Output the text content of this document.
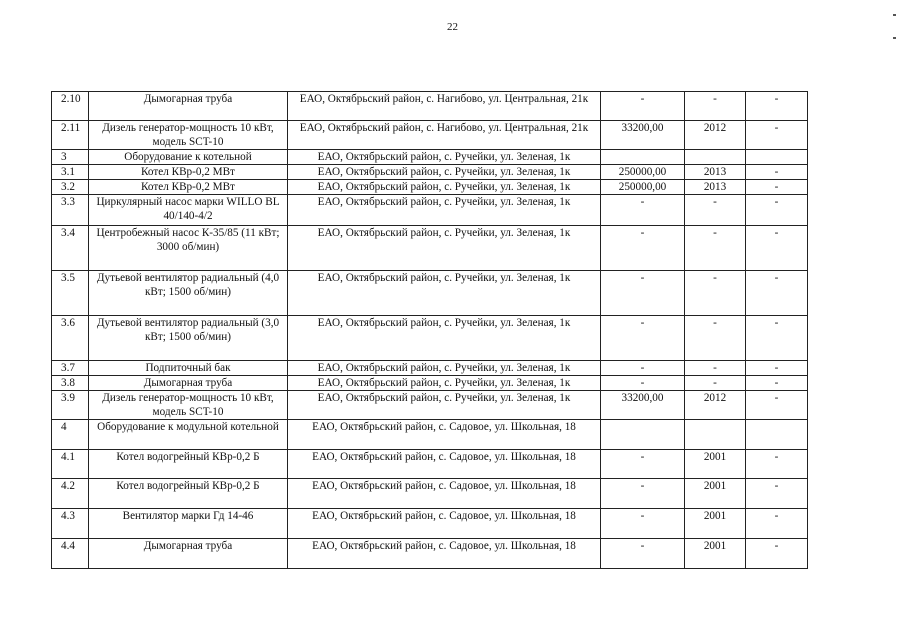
22
2.10	Дымогарная труба	ЕАО, Октябрьский район, с. Нагибово, ул. Центральная, 21к	-	-	-
2.11	Дизель генератор-мощность 10 кВт, модель SCT-10	ЕАО, Октябрьский район, с. Нагибово, ул. Центральная, 21к	33200,00	2012	-
3	Оборудование к котельной	ЕАО, Октябрьский район, с. Ручейки, ул. Зеленая, 1к			
3.1	Котел КВр-0,2 МВт	ЕАО, Октябрьский район, с. Ручейки, ул. Зеленая, 1к	250000,00	2013	-
3.2	Котел КВр-0,2 МВт	ЕАО, Октябрьский район, с. Ручейки, ул. Зеленая, 1к	250000,00	2013	-
3.3	Циркулярный насос марки WILLO BL 40/140-4/2	ЕАО, Октябрьский район, с. Ручейки, ул. Зеленая, 1к	-	-	-
3.4	Центробежный насос К-35/85 (11 кВт; 3000 об/мин)	ЕАО, Октябрьский район, с. Ручейки, ул. Зеленая, 1к	-	-	-
3.5	Дутьевой вентилятор радиальный (4,0 кВт; 1500 об/мин)	ЕАО, Октябрьский район, с. Ручейки, ул. Зеленая, 1к	-	-	-
3.6	Дутьевой вентилятор радиальный (3,0 кВт; 1500 об/мин)	ЕАО, Октябрьский район, с. Ручейки, ул. Зеленая, 1к	-	-	-
3.7	Подпиточный бак	ЕАО, Октябрьский район, с. Ручейки, ул. Зеленая, 1к	-	-	-
3.8	Дымогарная труба	ЕАО, Октябрьский район, с. Ручейки, ул. Зеленая, 1к	-	-	-
3.9	Дизель генератор-мощность 10 кВт, модель SCT-10	ЕАО, Октябрьский район, с. Ручейки, ул. Зеленая, 1к	33200,00	2012	-
4	Оборудование к модульной котельной	ЕАО, Октябрьский район, с. Садовое, ул. Школьная, 18			
4.1	Котел водогрейный КВр-0,2 Б	ЕАО, Октябрьский район, с. Садовое, ул. Школьная, 18	-	2001	-
4.2	Котел водогрейный КВр-0,2 Б	ЕАО, Октябрьский район, с. Садовое, ул. Школьная, 18	-	2001	-
4.3	Вентилятор марки Гд 14-46	ЕАО, Октябрьский район, с. Садовое, ул. Школьная, 18	-	2001	-
4.4	Дымогарная труба	ЕАО, Октябрьский район, с. Садовое, ул. Школьная, 18	-	2001	-
